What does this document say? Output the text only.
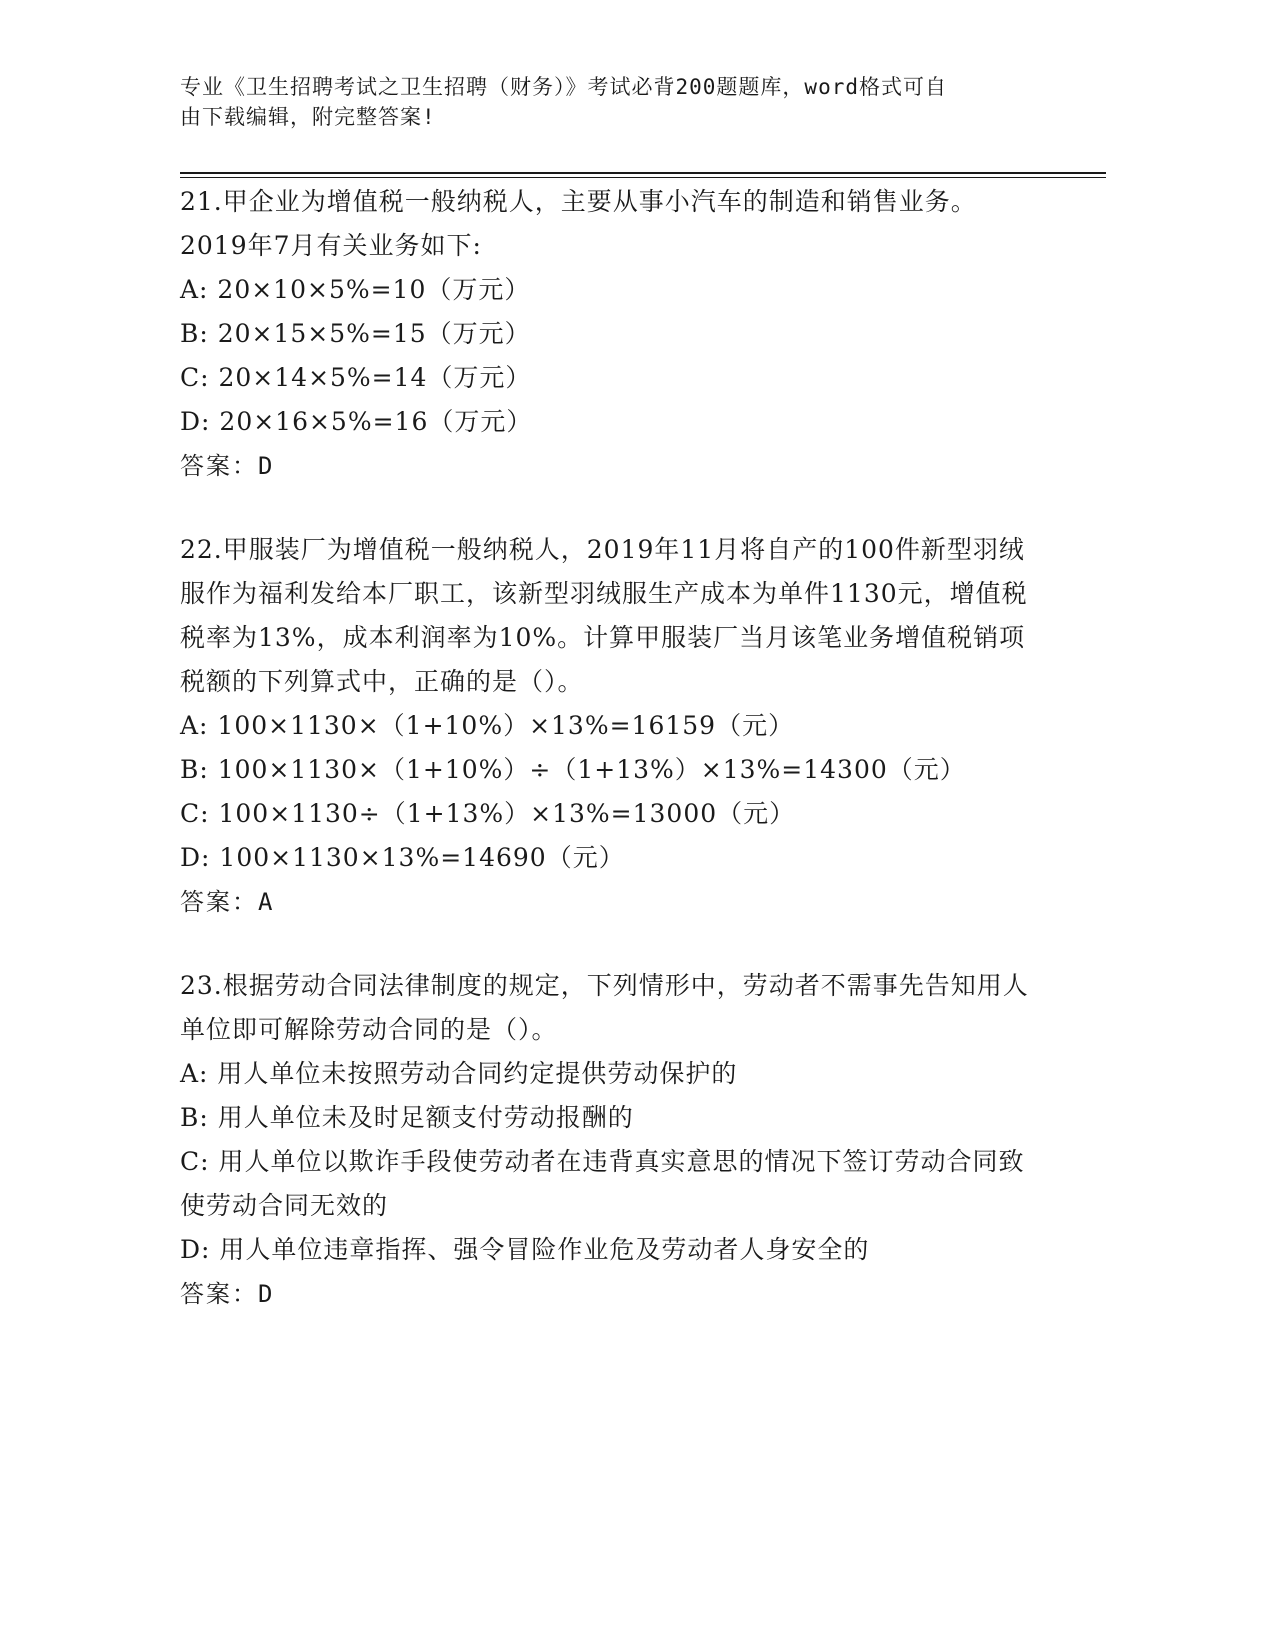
专业《卫生招聘考试之卫生招聘（财务）》考试必背200题题库，word格式可自
由下载编辑，附完整答案!
21.甲企业为增值税一般纳税人，主要从事小汽车的制造和销售业务。2019年7月有关业务如下:
A: 20×10×5%=10（万元）
B: 20×15×5%=15（万元）
C: 20×14×5%=14（万元）
D: 20×16×5%=16（万元）
答案：D
22.甲服装厂为增值税一般纳税人，2019年11月将自产的100件新型羽绒服作为福利发给本厂职工，该新型羽绒服生产成本为单件1130元，增值税税率为13%，成本利润率为10%。计算甲服装厂当月该笔业务增值税销项税额的下列算式中，正确的是（）。
A: 100×1130×（1+10%）×13%=16159（元）
B: 100×1130×（1+10%）÷（1+13%）×13%=14300（元）
C: 100×1130÷（1+13%）×13%=13000（元）
D: 100×1130×13%=14690（元）
答案：A
23.根据劳动合同法律制度的规定，下列情形中，劳动者不需事先告知用人单位即可解除劳动合同的是（）。
A: 用人单位未按照劳动合同约定提供劳动保护的
B: 用人单位未及时足额支付劳动报酬的
C: 用人单位以欺诈手段使劳动者在违背真实意思的情况下签订劳动合同致使劳动合同无效的
D: 用人单位违章指挥、强令冒险作业危及劳动者人身安全的
答案：D
